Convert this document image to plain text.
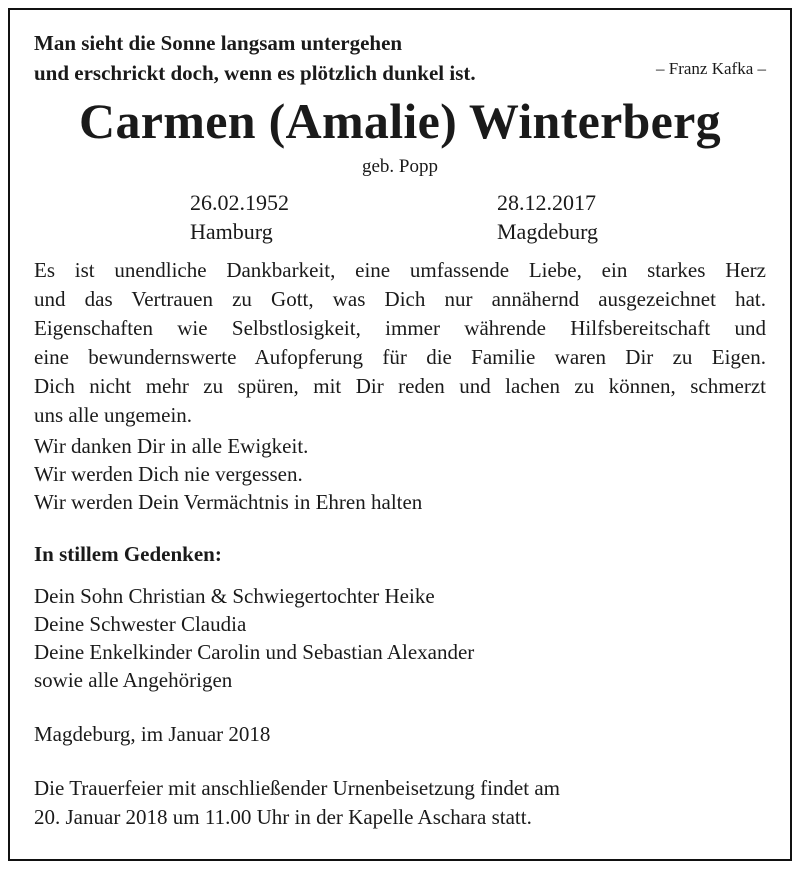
Man sieht die Sonne langsam untergehen
und erschrickt doch, wenn es plötzlich dunkel ist.	– Franz Kafka –
Carmen (Amalie) Winterberg
geb. Popp
26.02.1952
Hamburg
28.12.2017
Magdeburg
Es ist unendliche Dankbarkeit, eine umfassende Liebe, ein starkes Herz
und das Vertrauen zu Gott, was Dich nur annähernd ausgezeichnet hat.
Eigenschaften wie Selbstlosigkeit, immer währende Hilfsbereitschaft und
eine bewundernswerte Aufopferung für die Familie waren Dir zu Eigen.
Dich nicht mehr zu spüren, mit Dir reden und lachen zu können, schmerzt
uns alle ungemein.
Wir danken Dir in alle Ewigkeit.
Wir werden Dich nie vergessen.
Wir werden Dein Vermächtnis in Ehren halten
In stillem Gedenken:
Dein Sohn Christian & Schwiegertochter Heike
Deine Schwester Claudia
Deine Enkelkinder Carolin und Sebastian Alexander
sowie alle Angehörigen
Magdeburg, im Januar 2018
Die Trauerfeier mit anschließender Urnenbeisetzung findet am
20. Januar 2018 um 11.00 Uhr in der Kapelle Aschara statt.
